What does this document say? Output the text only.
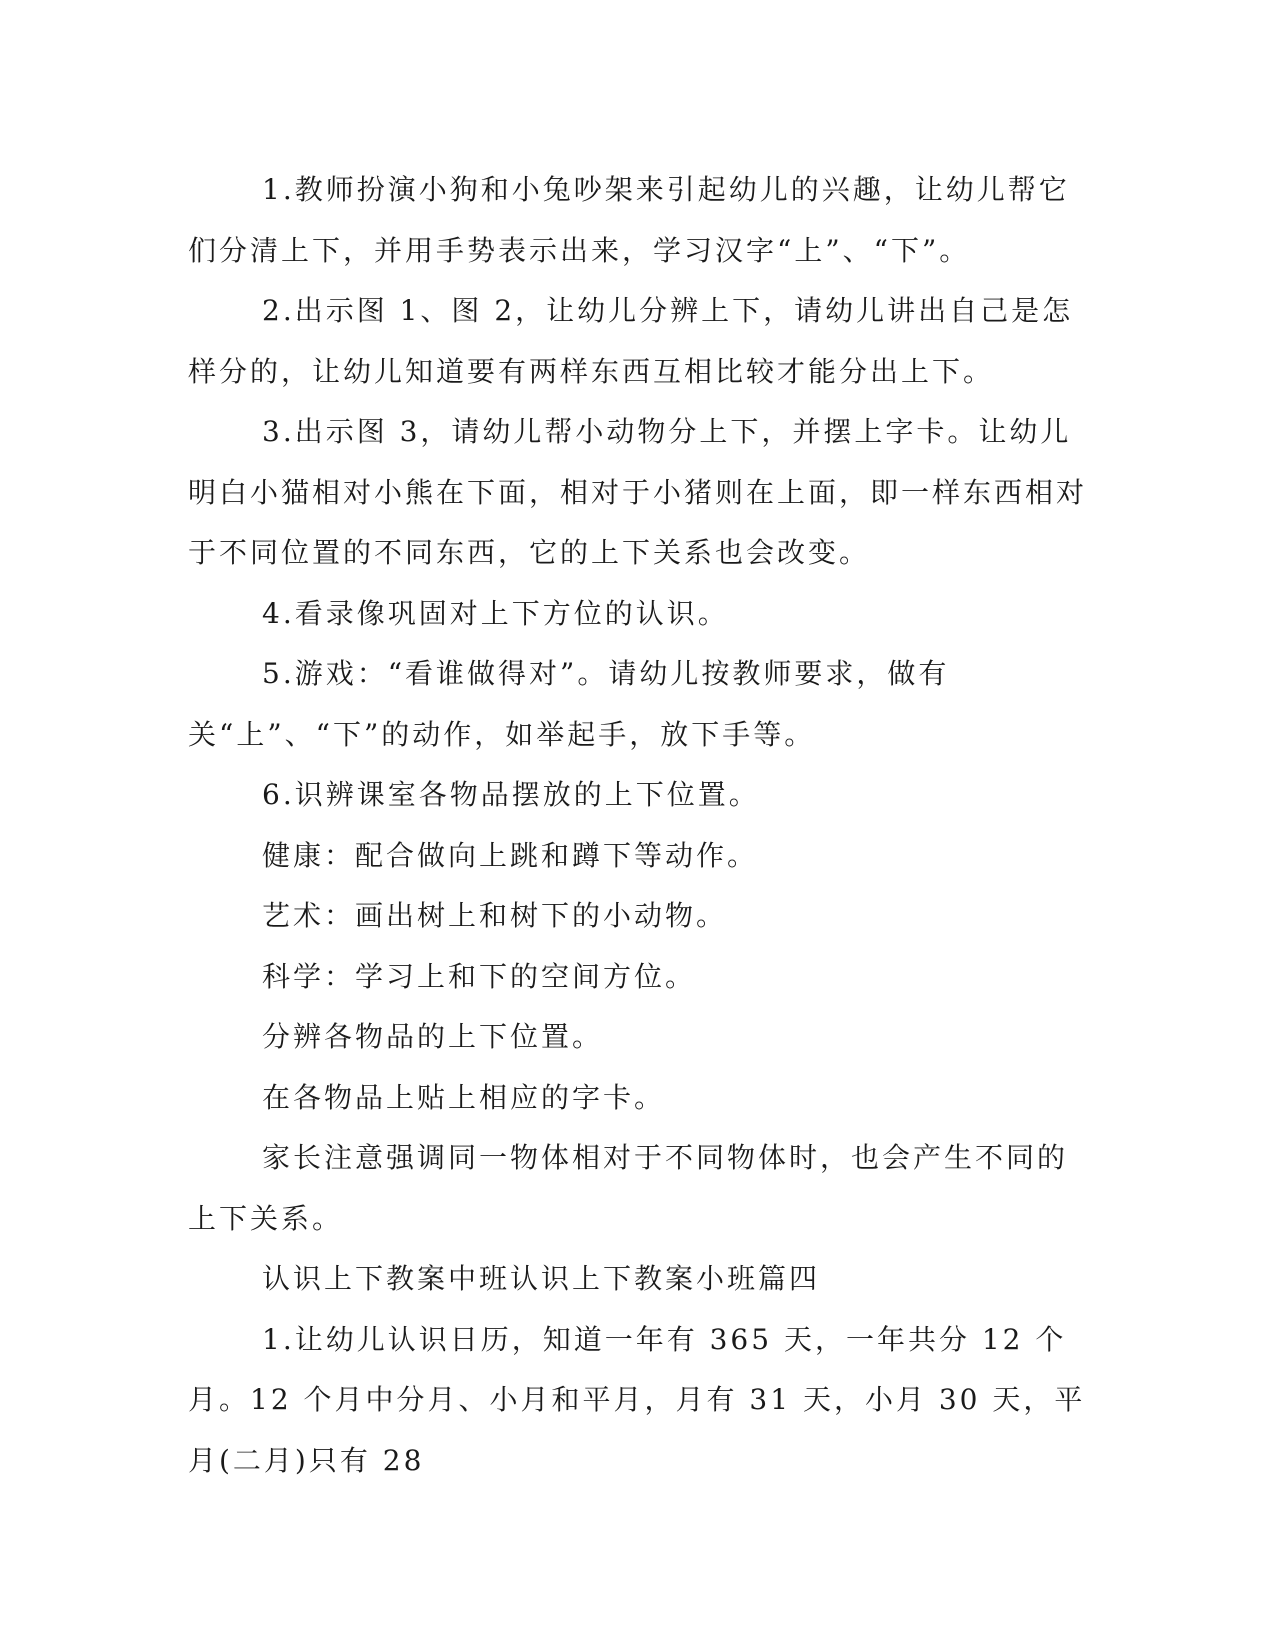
1.教师扮演小狗和小兔吵架来引起幼儿的兴趣，让幼儿帮它们分清上下，并用手势表示出来，学习汉字“上”、“下”。

2.出示图 1、图 2，让幼儿分辨上下，请幼儿讲出自己是怎样分的，让幼儿知道要有两样东西互相比较才能分出上下。

3.出示图 3，请幼儿帮小动物分上下，并摆上字卡。让幼儿明白小猫相对小熊在下面，相对于小猪则在上面，即一样东西相对于不同位置的不同东西，它的上下关系也会改变。

4.看录像巩固对上下方位的认识。

5.游戏：“看谁做得对”。请幼儿按教师要求，做有关“上”、“下”的动作，如举起手，放下手等。

6.识辨课室各物品摆放的上下位置。

健康：配合做向上跳和蹲下等动作。

艺术：画出树上和树下的小动物。

科学：学习上和下的空间方位。

分辨各物品的上下位置。

在各物品上贴上相应的字卡。

家长注意强调同一物体相对于不同物体时，也会产生不同的上下关系。

认识上下教案中班认识上下教案小班篇四

1.让幼儿认识日历，知道一年有 365 天，一年共分 12 个月。12 个月中分月、小月和平月，月有 31 天，小月 30 天，平月(二月)只有 28
